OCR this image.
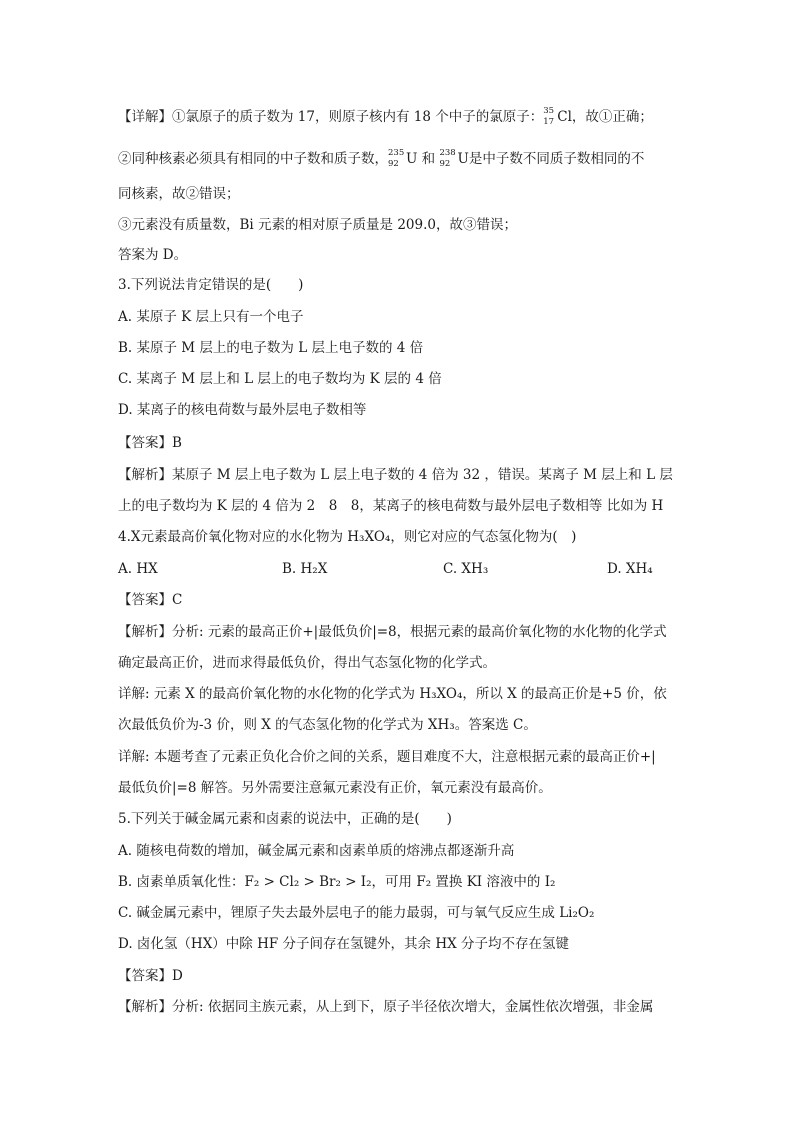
【详解】①氯原子的质子数为 17，则原子核内有 18 个中子的氯原子： 35
17 Cl，故①正确；
②同种核素必须具有相同的中子数和质子数， 235
92 U 和 238
92 U是中子数不同质子数相同的不
同核素，故②错误；
③元素没有质量数，Bi 元素的相对原子质量是 209.0，故③错误；
答案为 D。
3.下列说法肯定错误的是(　　)
A. 某原子 K 层上只有一个电子
B. 某原子 M 层上的电子数为 L 层上电子数的 4 倍
C. 某离子 M 层上和 L 层上的电子数均为 K 层的 4 倍
D. 某离子的核电荷数与最外层电子数相等
【答案】B
【解析】某原子 M 层上电子数为 L 层上电子数的 4 倍为 32 ，错误。某离子 M 层上和 L 层
上的电子数均为 K 层的 4 倍为 2　8　8，某离子的核电荷数与最外层电子数相等 比如为 H
4.X元素最高价氧化物对应的水化物为 H₃XO₄，则它对应的气态氢化物为(　)
A. HX	B. H₂X	C. XH₃	D. XH₄
【答案】C
【解析】分析: 元素的最高正价+|最低负价|=8，根据元素的最高价氧化物的水化物的化学式
确定最高正价，进而求得最低负价，得出气态氢化物的化学式。
详解: 元素 X 的最高价氧化物的水化物的化学式为 H₃XO₄，所以 X 的最高正价是+5 价，依
次最低负价为-3 价，则 X 的气态氢化物的化学式为 XH₃。答案选 C。
详解: 本题考查了元素正负化合价之间的关系，题目难度不大，注意根据元素的最高正价+|
最低负价|=8 解答。另外需要注意氟元素没有正价，氧元素没有最高价。
5.下列关于碱金属元素和卤素的说法中，正确的是(　　)
A. 随核电荷数的增加，碱金属元素和卤素单质的熔沸点都逐渐升高
B. 卤素单质氧化性：F₂ > Cl₂ > Br₂ > I₂，可用 F₂ 置换 KI 溶液中的 I₂
C. 碱金属元素中，锂原子失去最外层电子的能力最弱，可与氧气反应生成 Li₂O₂
D. 卤化氢（HX）中除 HF 分子间存在氢键外，其余 HX 分子均不存在氢键
【答案】D
【解析】分析: 依据同主族元素，从上到下，原子半径依次增大，金属性依次增强，非金属
